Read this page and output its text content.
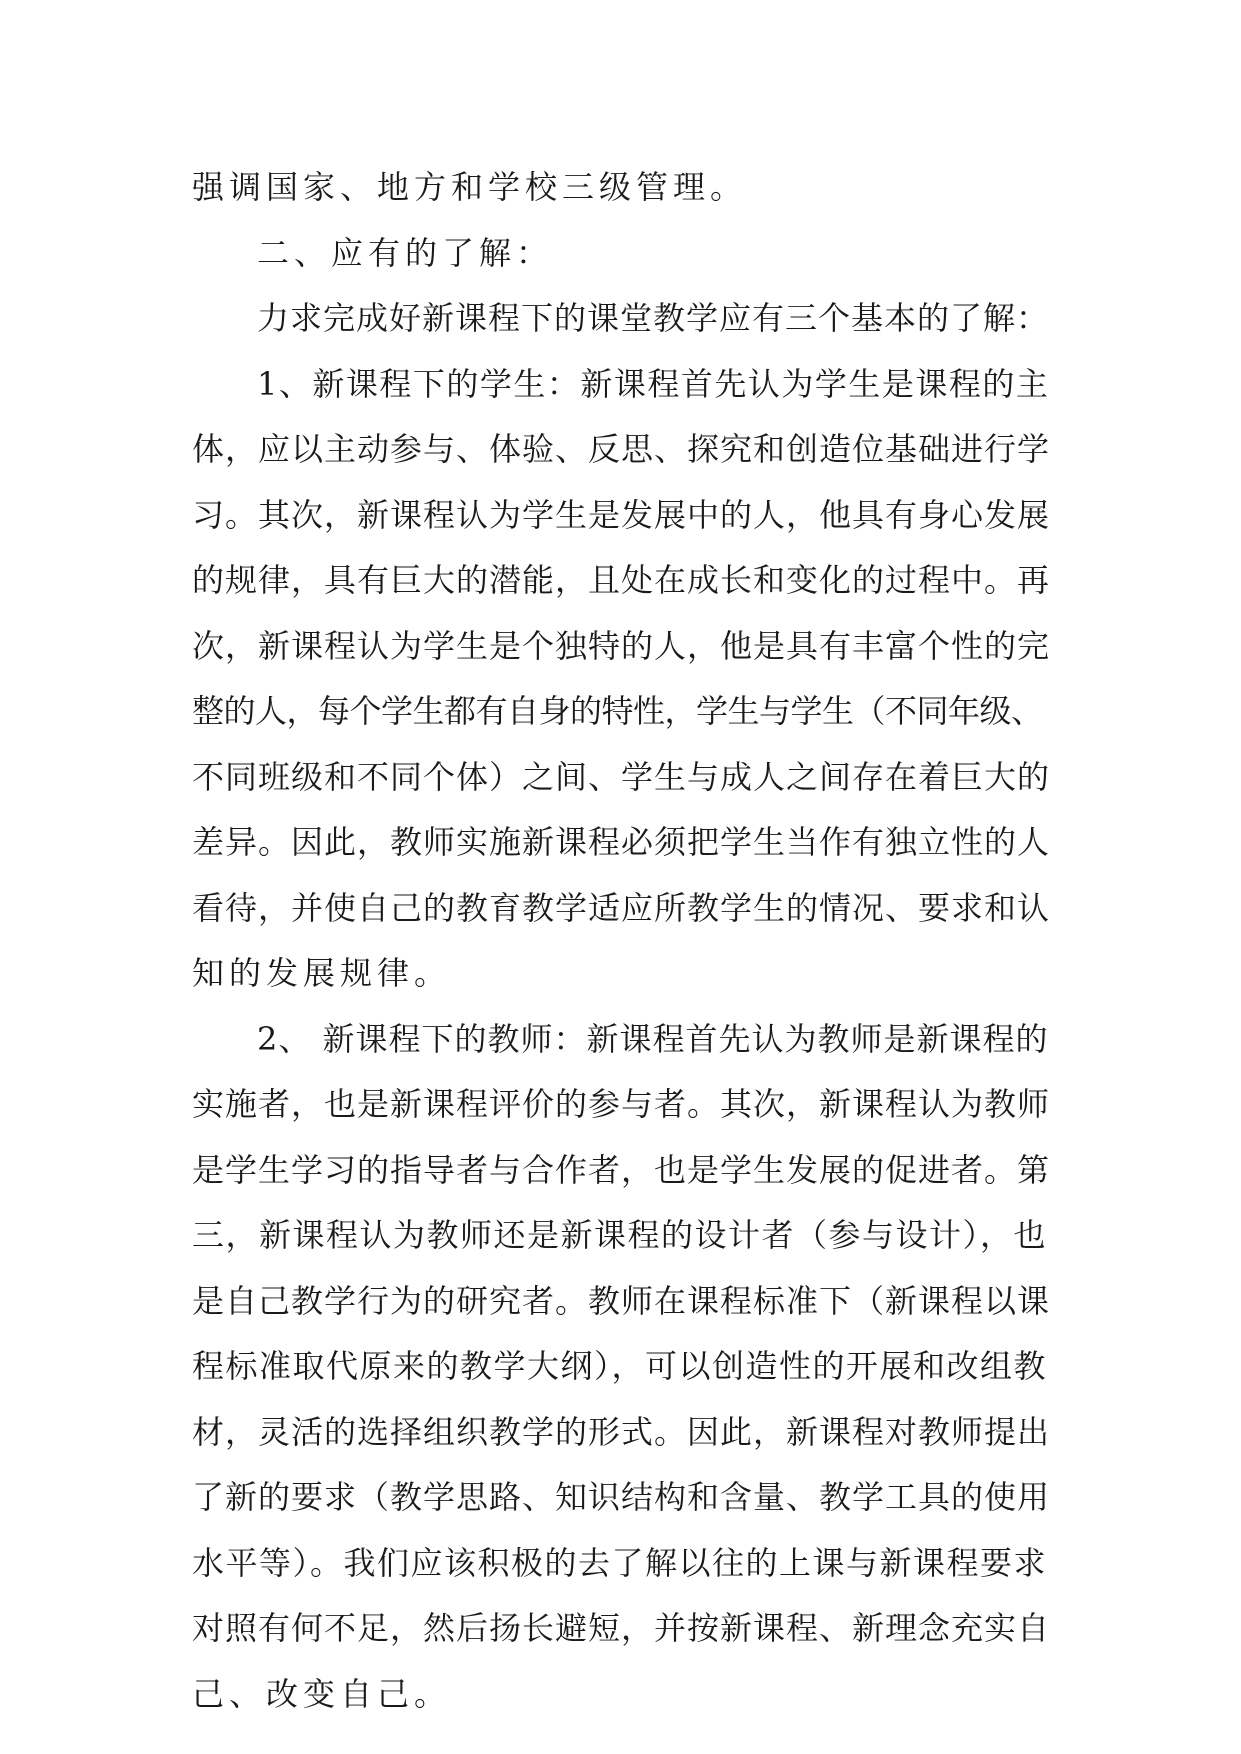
强调国家、地方和学校三级管理。
二、应有的了解：
力求完成好新课程下的课堂教学应有三个基本的了解：
1、新课程下的学生：新课程首先认为学生是课程的主
体，应以主动参与、体验、反思、探究和创造位基础进行学
习。其次，新课程认为学生是发展中的人，他具有身心发展
的规律，具有巨大的潜能，且处在成长和变化的过程中。再
次，新课程认为学生是个独特的人，他是具有丰富个性的完
整的人，每个学生都有自身的特性，学生与学生（不同年级、
不同班级和不同个体）之间、学生与成人之间存在着巨大的
差异。因此，教师实施新课程必须把学生当作有独立性的人
看待，并使自己的教育教学适应所教学生的情况、要求和认
知的发展规律。
2、 新课程下的教师：新课程首先认为教师是新课程的
实施者，也是新课程评价的参与者。其次，新课程认为教师
是学生学习的指导者与合作者，也是学生发展的促进者。第
三，新课程认为教师还是新课程的设计者（参与设计），也
是自己教学行为的研究者。教师在课程标准下（新课程以课
程标准取代原来的教学大纲），可以创造性的开展和改组教
材，灵活的选择组织教学的形式。因此，新课程对教师提出
了新的要求（教学思路、知识结构和含量、教学工具的使用
水平等）。我们应该积极的去了解以往的上课与新课程要求
对照有何不足，然后扬长避短，并按新课程、新理念充实自
己、改变自己。
